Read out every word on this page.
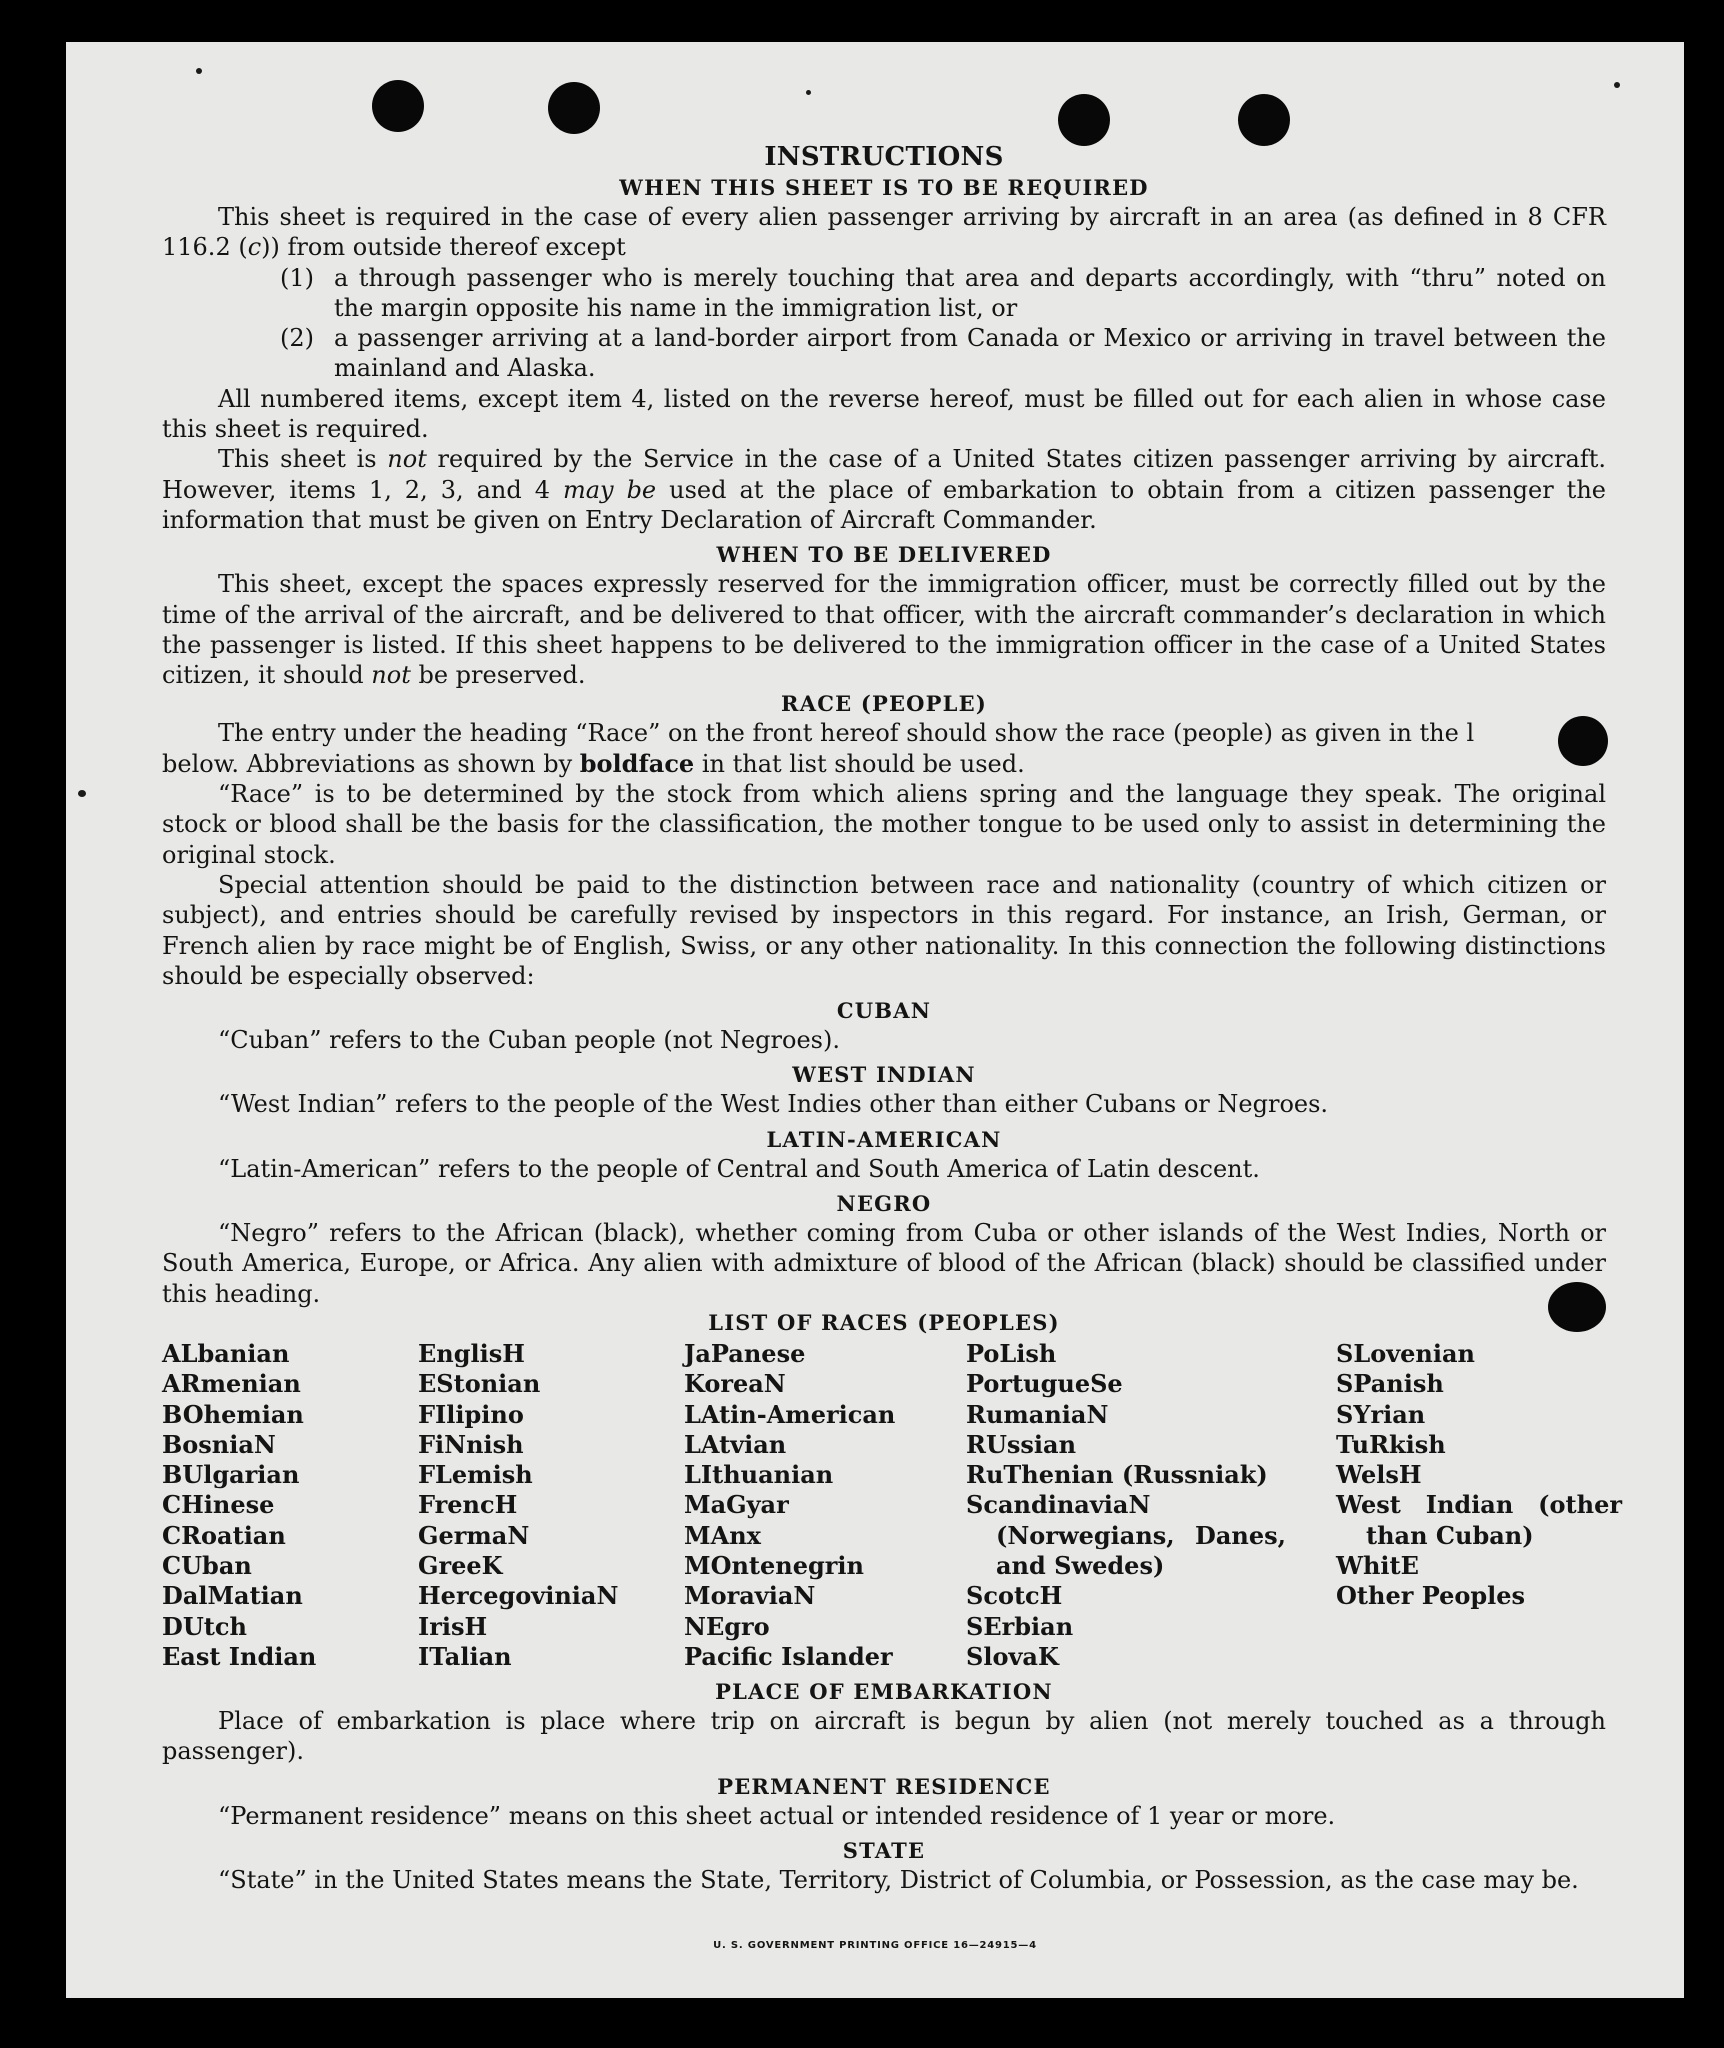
INSTRUCTIONS
WHEN THIS SHEET IS TO BE REQUIRED

This sheet is required in the case of every alien passenger arriving by aircraft in an area (as defined in 8 CFR 116.2 (c)) from outside thereof except

(1) a through passenger who is merely touching that area and departs accordingly, with “thru” noted on the margin opposite his name in the immigration list, or
(2) a passenger arriving at a land-border airport from Canada or Mexico or arriving in travel between the mainland and Alaska.

All numbered items, except item 4, listed on the reverse hereof, must be filled out for each alien in whose case this sheet is required.

This sheet is not required by the Service in the case of a United States citizen passenger arriving by aircraft. However, items 1, 2, 3, and 4 may be used at the place of embarkation to obtain from a citizen passenger the information that must be given on Entry Declaration of Aircraft Commander.

WHEN TO BE DELIVERED

This sheet, except the spaces expressly reserved for the immigration officer, must be correctly filled out by the time of the arrival of the aircraft, and be delivered to that officer, with the aircraft commander’s declaration in which the passenger is listed. If this sheet happens to be delivered to the immigration officer in the case of a United States citizen, it should not be preserved.

RACE (PEOPLE)

The entry under the heading “Race” on the front hereof should show the race (people) as given in the l

below. Abbreviations as shown by boldface in that list should be used.

“Race” is to be determined by the stock from which aliens spring and the language they speak. The original stock or blood shall be the basis for the classification, the mother tongue to be used only to assist in determining the original stock.

Special attention should be paid to the distinction between race and nationality (country of which citizen or subject), and entries should be carefully revised by inspectors in this regard. For instance, an Irish, German, or French alien by race might be of English, Swiss, or any other nationality. In this connection the following distinctions should be especially observed:

CUBAN

“Cuban” refers to the Cuban people (not Negroes).

WEST INDIAN

“West Indian” refers to the people of the West Indies other than either Cubans or Negroes.

LATIN-AMERICAN

“Latin-American” refers to the people of Central and South America of Latin descent.

NEGRO

“Negro” refers to the African (black), whether coming from Cuba or other islands of the West Indies, North or South America, Europe, or Africa. Any alien with admixture of blood of the African (black) should be classified under this heading.

LIST OF RACES (PEOPLES)
ALbanian
ARmenian
BOhemian
BosniaN
BUlgarian
CHinese
CRoatian
CUban
DalMatian
DUtch
East Indian
EnglisH
EStonian
FIlipino
FiNnish
FLemish
FrencH
GermaN
GreeK
HercegoviniaN
IrisH
ITalian
JaPanese
KoreaN
LAtin-American
LAtvian
LIthuanian
MaGyar
MAnx
MOntenegrin
MoraviaN
NEgro
Pacific Islander
PoLish
PortugueSe
RumaniaN
RUssian
RuThenian (Russniak)
ScandinaviaN (Norwegians, Danes, and Swedes)
ScotcH
SErbian
SlovaK
SLovenian
SPanish
SYrian
TuRkish
WelsH
West Indian (other than Cuban)
WhitE
Other Peoples
PLACE OF EMBARKATION

Place of embarkation is place where trip on aircraft is begun by alien (not merely touched as a through passenger).

PERMANENT RESIDENCE

“Permanent residence” means on this sheet actual or intended residence of 1 year or more.

STATE

“State” in the United States means the State, Territory, District of Columbia, or Possession, as the case may be.

U. S. GOVERNMENT PRINTING OFFICE 16—24915—4
